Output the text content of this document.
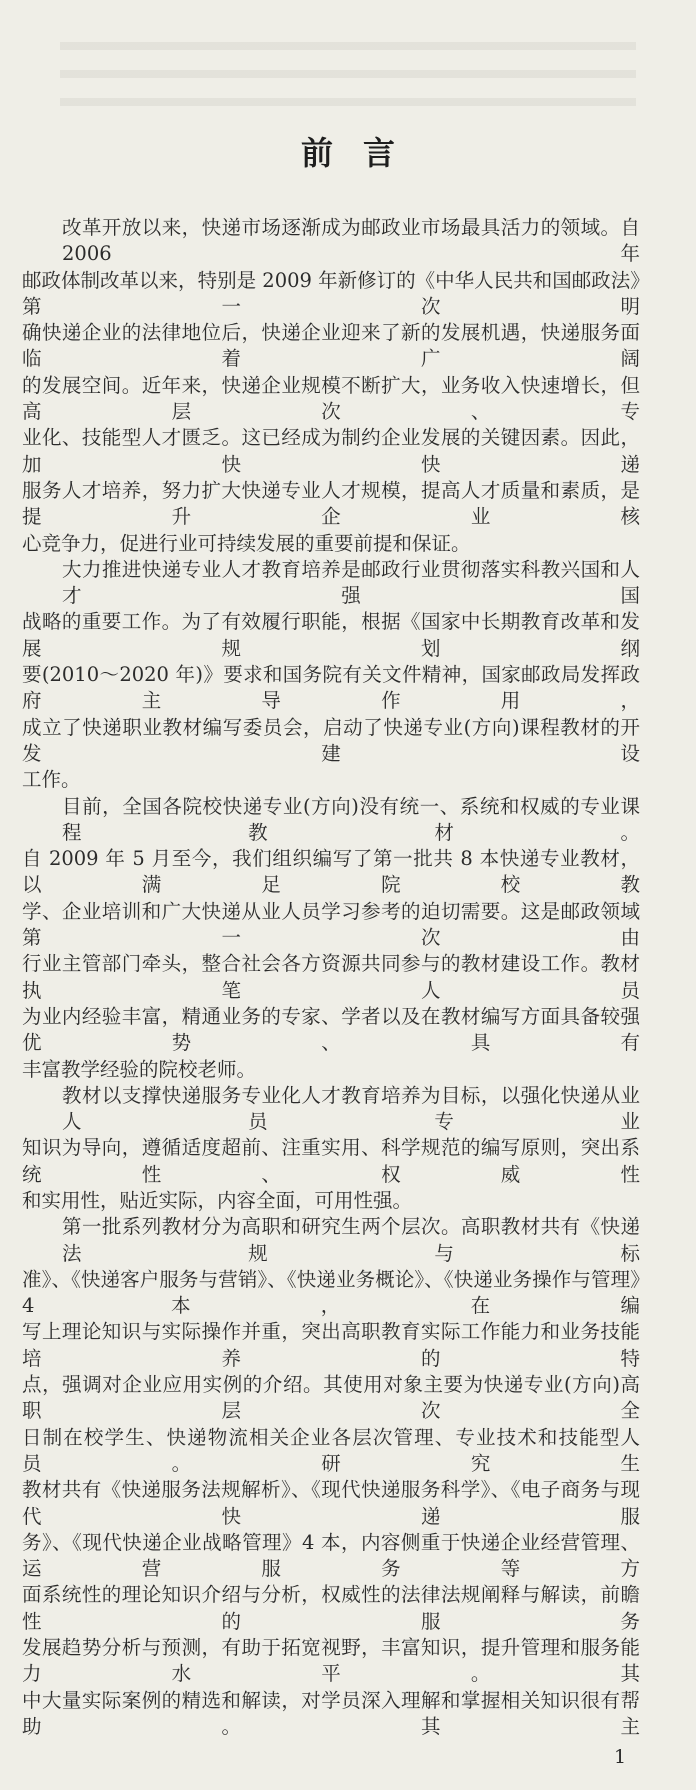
前言
改革开放以来，快递市场逐渐成为邮政业市场最具活力的领域。自 2006 年
邮政体制改革以来，特别是 2009 年新修订的《中华人民共和国邮政法》第一次明
确快递企业的法律地位后，快递企业迎来了新的发展机遇，快递服务面临着广阔
的发展空间。近年来，快递企业规模不断扩大，业务收入快速增长，但高层次、专
业化、技能型人才匮乏。这已经成为制约企业发展的关键因素。因此，加快快递
服务人才培养，努力扩大快递专业人才规模，提高人才质量和素质，是提升企业核
心竞争力，促进行业可持续发展的重要前提和保证。
大力推进快递专业人才教育培养是邮政行业贯彻落实科教兴国和人才强国
战略的重要工作。为了有效履行职能，根据《国家中长期教育改革和发展规划纲
要(2010～2020 年)》要求和国务院有关文件精神，国家邮政局发挥政府主导作用，
成立了快递职业教材编写委员会，启动了快递专业(方向)课程教材的开发建设
工作。
目前，全国各院校快递专业(方向)没有统一、系统和权威的专业课程教材。
自 2009 年 5 月至今，我们组织编写了第一批共 8 本快递专业教材，以满足院校教
学、企业培训和广大快递从业人员学习参考的迫切需要。这是邮政领域第一次由
行业主管部门牵头，整合社会各方资源共同参与的教材建设工作。教材执笔人员
为业内经验丰富，精通业务的专家、学者以及在教材编写方面具备较强优势、具有
丰富教学经验的院校老师。
教材以支撑快递服务专业化人才教育培养为目标，以强化快递从业人员专业
知识为导向，遵循适度超前、注重实用、科学规范的编写原则，突出系统性、权威性
和实用性，贴近实际，内容全面，可用性强。
第一批系列教材分为高职和研究生两个层次。高职教材共有《快递法规与标
准》、《快递客户服务与营销》、《快递业务概论》、《快递业务操作与管理》4 本，在编
写上理论知识与实际操作并重，突出高职教育实际工作能力和业务技能培养的特
点，强调对企业应用实例的介绍。其使用对象主要为快递专业(方向)高职层次全
日制在校学生、快递物流相关企业各层次管理、专业技术和技能型人员。研究生
教材共有《快递服务法规解析》、《现代快递服务科学》、《电子商务与现代快递服
务》、《现代快递企业战略管理》4 本，内容侧重于快递企业经营管理、运营服务等方
面系统性的理论知识介绍与分析，权威性的法律法规阐释与解读，前瞻性的服务
发展趋势分析与预测，有助于拓宽视野，丰富知识，提升管理和服务能力水平。其
中大量实际案例的精选和解读，对学员深入理解和掌握相关知识很有帮助。其主
1
